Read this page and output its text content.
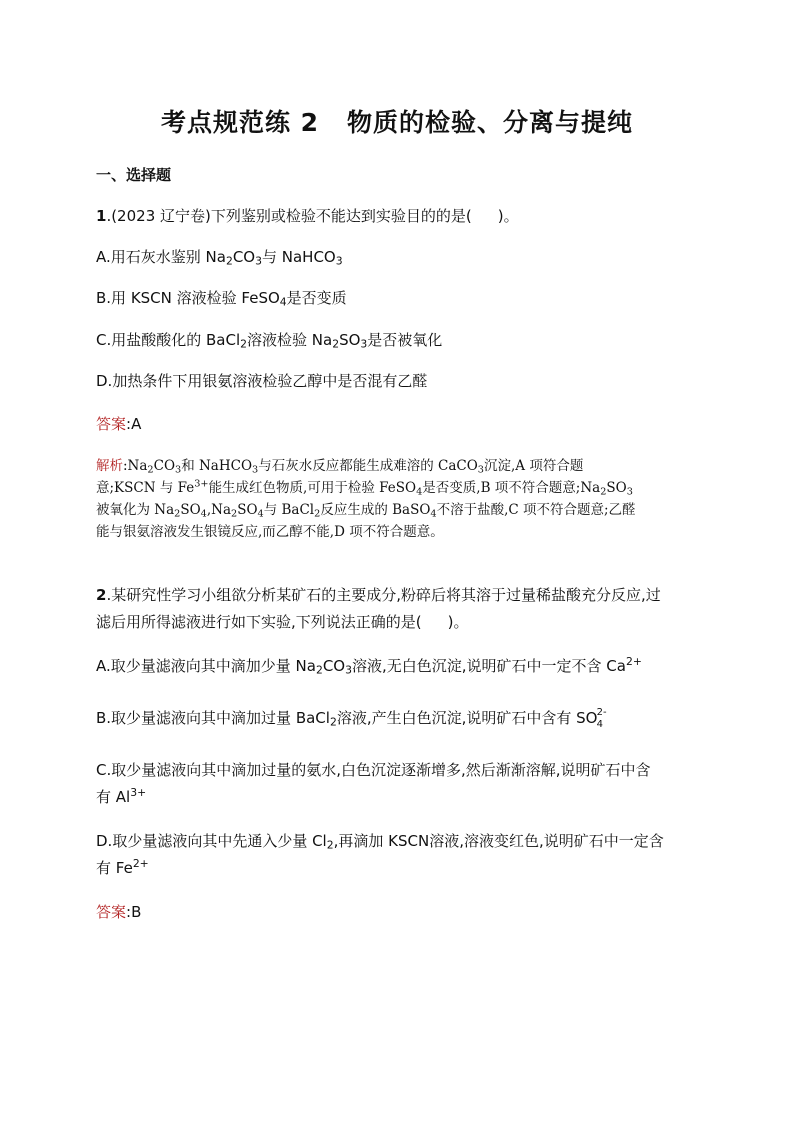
考点规范练 2 物质的检验、分离与提纯
一、选择题
1.(2023 辽宁卷)下列鉴别或检验不能达到实验目的的是( )。
A.用石灰水鉴别 $Na_2CO_3$与 NaHCO$_3$
B.用 KSCN 溶液检验 FeSO$_4$是否变质
C.用盐酸酸化的 BaCl$_2$溶液检验 $Na_2SO_3$是否被氧化
D.加热条件下用银氨溶液检验乙醇中是否混有乙醛
答案:A
解析$:Na_2CO_3$和 NaHCO$_3$与石灰水反应都能生成难溶的 CaCO$_3$沉淀,A 项符合题
意;KSCN 与 $Fe^{3+}$能生成红色物质,可用于检验 FeSO$_4$是否变质,B 项不符合题意$;Na_2SO_3$
被氧化为 $Na_2SO_4,Na_2SO_4$与 BaCl$_2$反应生成的 BaSO$_4$不溶于盐酸,C 项不符合题意;乙醛
能与银氨溶液发生银镜反应,而乙醇不能,D 项不符合题意。
2.某研究性学习小组欲分析某矿石的主要成分,粉碎后将其溶于过量稀盐酸充分反应,过
滤后用所得滤液进行如下实验,下列说法正确的是( )。
A.取少量滤液向其中滴加少量 $Na_2CO_3$溶液,无白色沉淀,说明矿石中一定不含 $Ca^{2+}$
B.取少量滤液向其中滴加过量 BaCl$_2$溶液,产生白色沉淀,说明矿石中含有 S O 2-
4
C.取少量滤液向其中滴加过量的氨水,白色沉淀逐渐增多,然后渐渐溶解,说明矿石中含
有 $Al^{3+}$
D.取少量滤液向其中先通入少量 $Cl_2$,再滴加 KSCN溶液,溶液变红色,说明矿石中一定含
有 $Fe^{2+}$
答案:B
